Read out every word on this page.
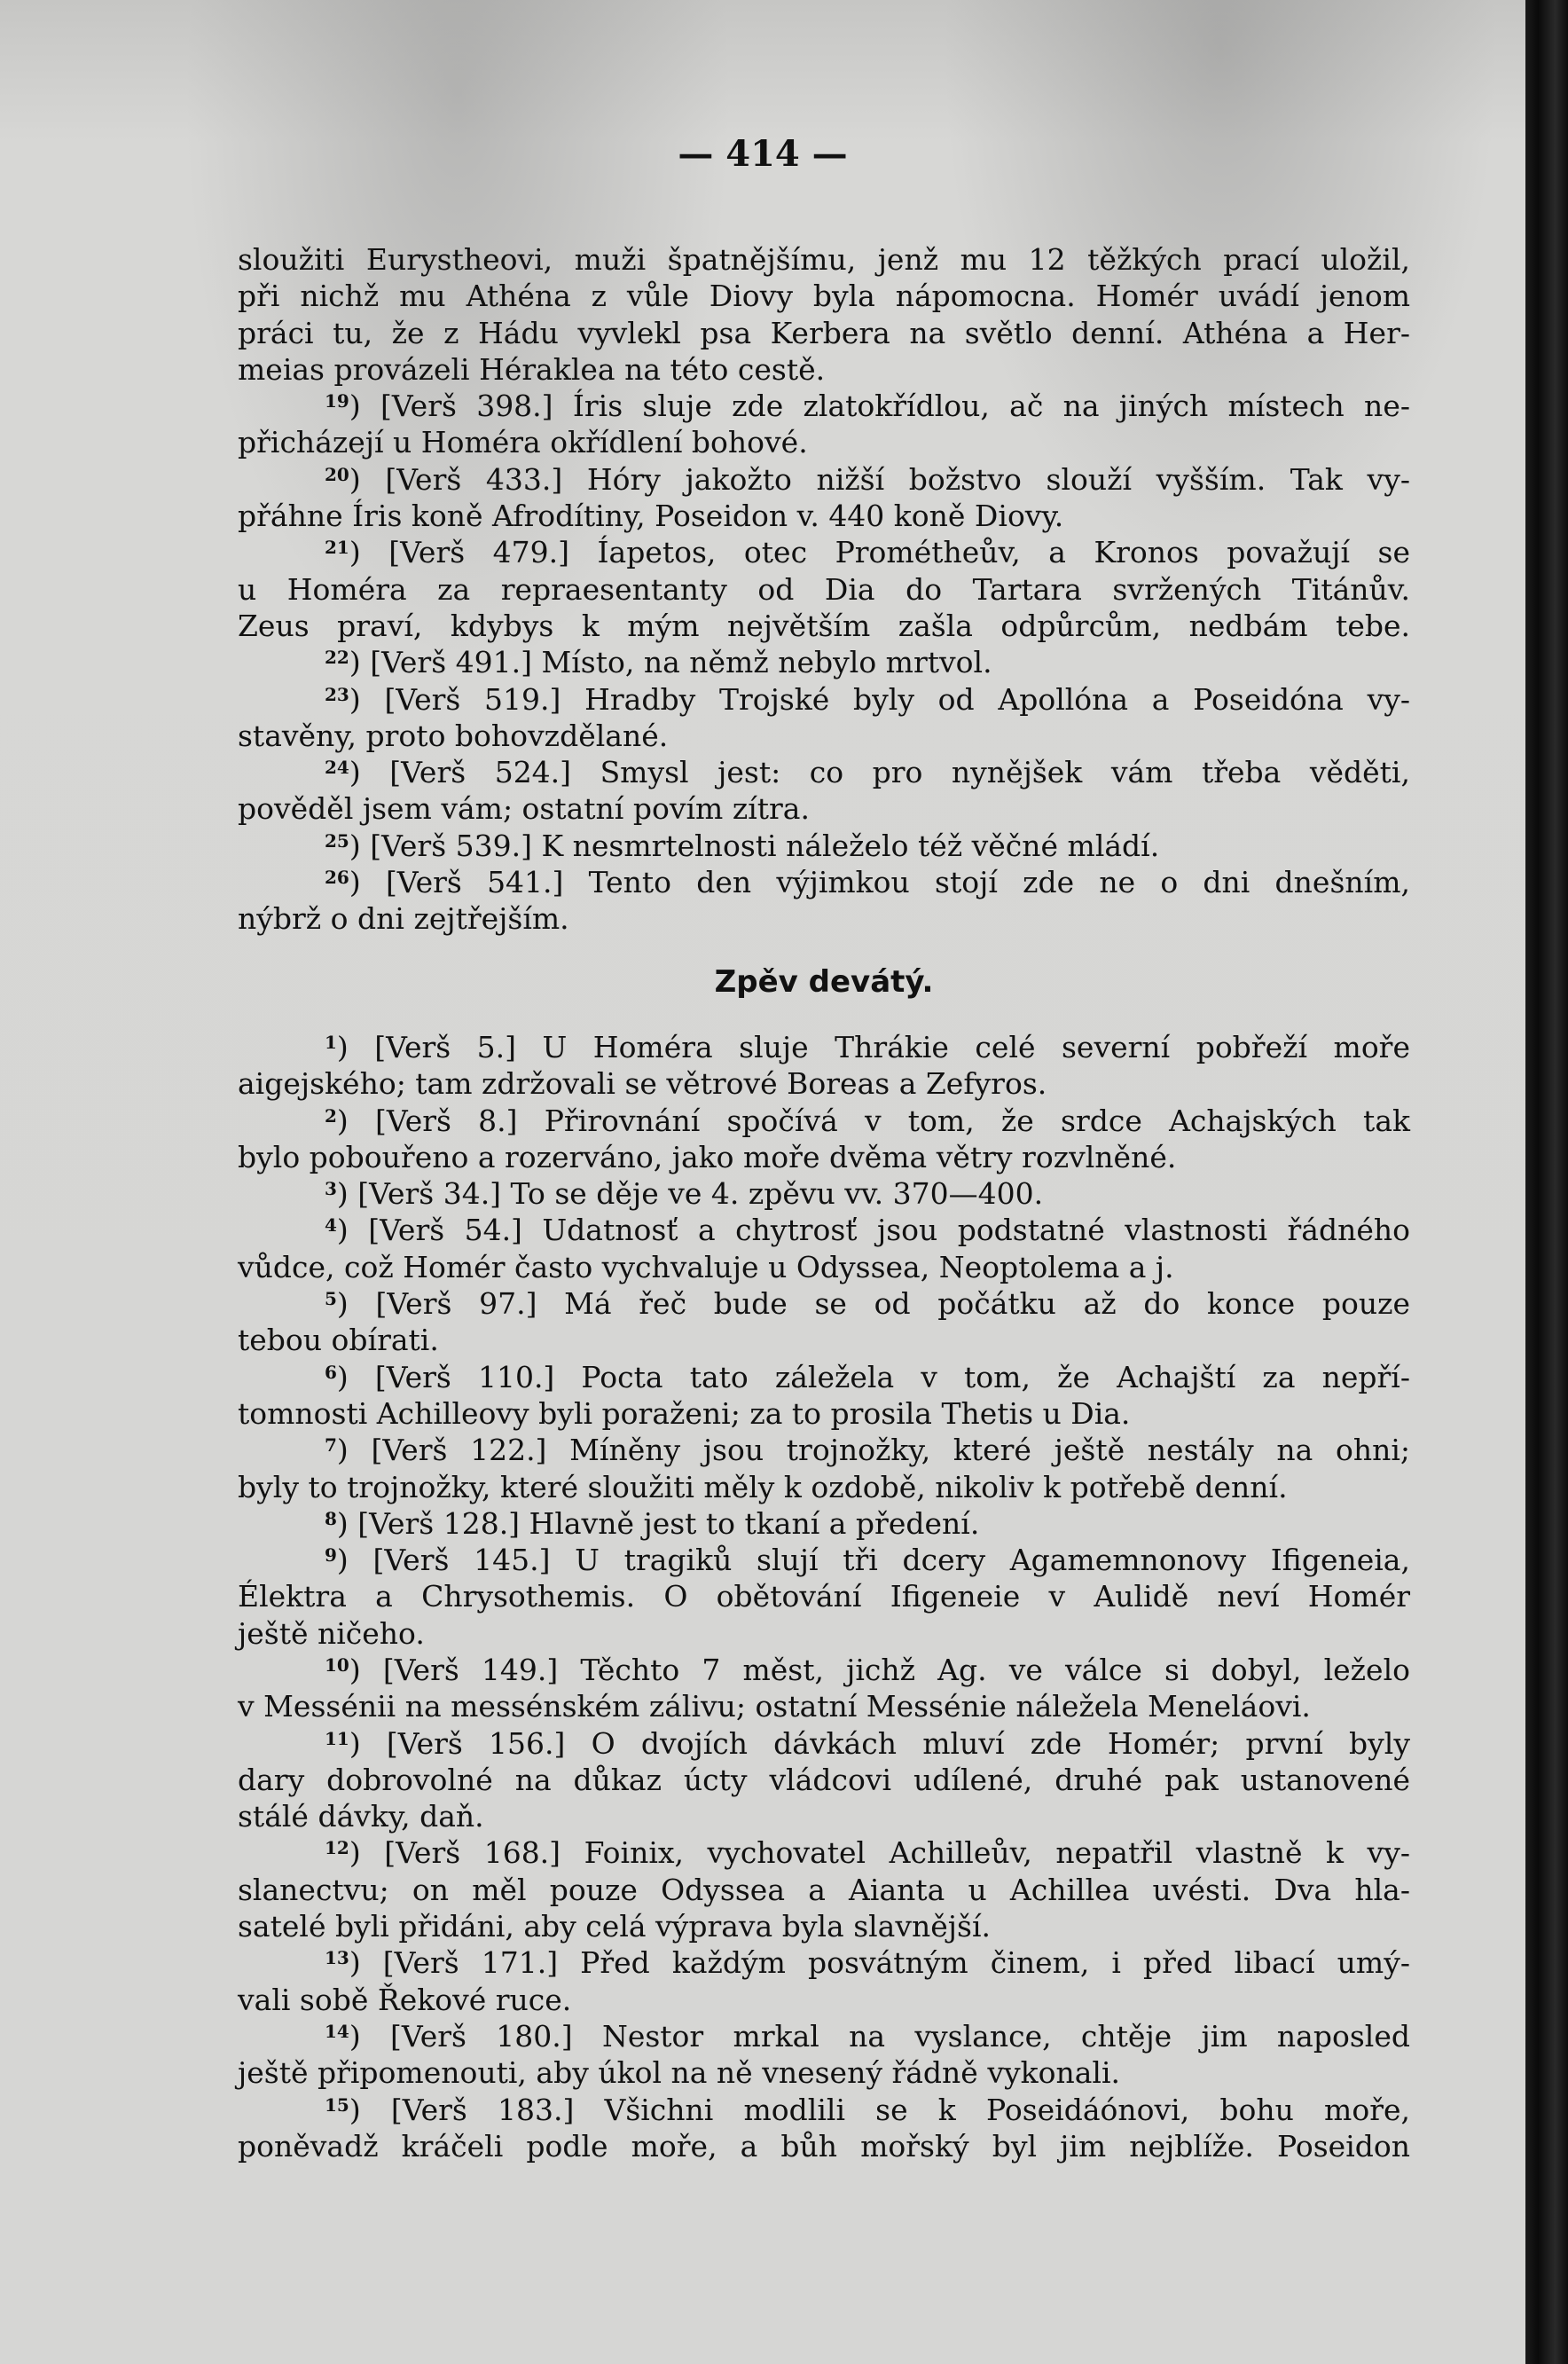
— 414 —

sloužiti Eurystheovi, muži špatnějšímu, jenž mu 12 těžkých prací uložil,

při nichž mu Athéna z vůle Diovy byla nápomocna. Homér uvádí jenom

práci tu, že z Hádu vyvlekl psa Kerbera na světlo denní. Athéna a Her-

meias provázeli Héraklea na této cestě.

$^{19}$) [Verš 398.] Íris sluje zde zlatokřídlou, ač na jiných místech ne-

přicházejí u Homéra okřídlení bohové.

$^{20}$) [Verš 433.] Hóry jakožto nižší božstvo slouží vyšším. Tak vy-

přáhne Íris koně Afrodítiny, Poseidon v. 440 koně Diovy.

$^{21}$) [Verš 479.] Íapetos, otec Prométheův, a Kronos považují se

u Homéra za repraesentanty od Dia do Tartara svržených Titánův.

Zeus praví, kdybys k mým největším zašla odpůrcům, nedbám tebe.

$^{22}$) [Verš 491.] Místo, na němž nebylo mrtvol.

$^{23}$) [Verš 519.] Hradby Trojské byly od Apollóna a Poseidóna vy-

stavěny, proto bohovzdělané.

$^{24}$) [Verš 524.] Smysl jest: co pro nynějšek vám třeba věděti,

pověděl jsem vám; ostatní povím zítra.

$^{25}$) [Verš 539.] K nesmrtelnosti náleželo též věčné mládí.

$^{26}$) [Verš 541.] Tento den výjimkou stojí zde ne o dni dnešním,

nýbrž o dni zejtřejším.

Zpěv devátý.

$^1$) [Verš 5.] U Homéra sluje Thrákie celé severní pobřeží moře

aigejského; tam zdržovali se větrové Boreas a Zefyros.

$^2$) [Verš 8.] Přirovnání spočívá v tom, že srdce Achajských tak

bylo pobouřeno a rozerváno, jako moře dvěma větry rozvlněné.

$^3$) [Verš 34.] To se děje ve 4. zpěvu vv. 370—400.

$^4$) [Verš 54.] Udatnosť a chytrosť jsou podstatné vlastnosti řádného

vůdce, což Homér často vychvaluje u Odyssea, Neoptolema a j.

$^5$) [Verš 97.] Má řeč bude se od počátku až do konce pouze

tebou obírati.

$^6$) [Verš 110.] Pocta tato záležela v tom, že Achajští za nepří-

tomnosti Achilleovy byli poraženi; za to prosila Thetis u Dia.

$^7$) [Verš 122.] Míněny jsou trojnožky, které ještě nestály na ohni;

byly to trojnožky, které sloužiti měly k ozdobě, nikoliv k potřebě denní.

$^8$) [Verš 128.] Hlavně jest to tkaní a předení.

$^9$) [Verš 145.] U tragiků slují tři dcery Agamemnonovy Ifigeneia,

Élektra a Chrysothemis. O obětování Ifigeneie v Aulidě neví Homér

ještě ničeho.

$^{10}$) [Verš 149.] Těchto 7 měst, jichž Ag. ve válce si dobyl, leželo

v Messénii na messénském zálivu; ostatní Messénie náležela Meneláovi.

$^{11}$) [Verš 156.] O dvojích dávkách mluví zde Homér; první byly

dary dobrovolné na důkaz úcty vládcovi udílené, druhé pak ustanovené

stálé dávky, daň.

$^{12}$) [Verš 168.] Foinix, vychovatel Achilleův, nepatřil vlastně k vy-

slanectvu; on měl pouze Odyssea a Aianta u Achillea uvésti. Dva hla-

satelé byli přidáni, aby celá výprava byla slavnější.

$^{13}$) [Verš 171.] Před každým posvátným činem, i před libací umý-

vali sobě Řekové ruce.

$^{14}$) [Verš 180.] Nestor mrkal na vyslance, chtěje jim naposled

ještě připomenouti, aby úkol na ně vnesený řádně vykonali.

$^{15}$) [Verš 183.] Všichni modlili se k Poseidáónovi, bohu moře,

poněvadž kráčeli podle moře, a bůh mořský byl jim nejblíže. Poseidon
